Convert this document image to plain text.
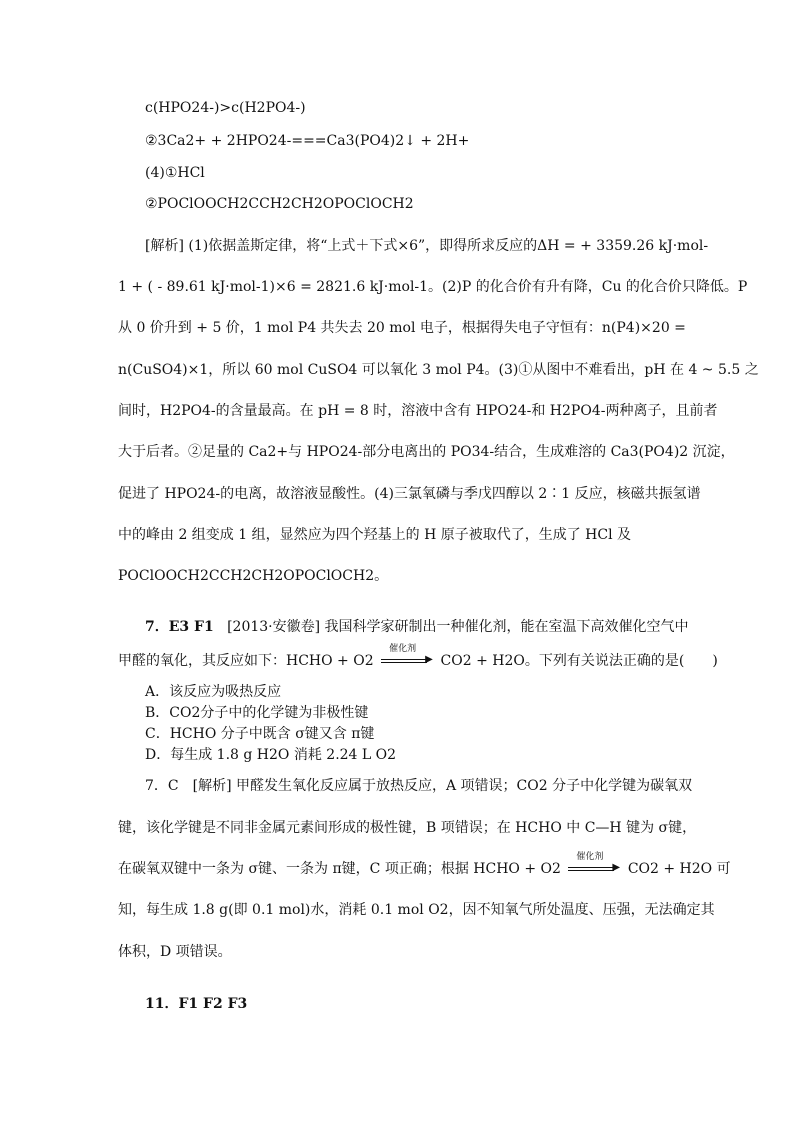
c(HPO24-)>c(H2PO4-)
②3Ca2+ + 2HPO24-===Ca3(PO4)2↓ + 2H+
(4)①HCl
②POClOOCH2CCH2CH2OPOClOCH2
[解析] (1)依据盖斯定律，将“上式＋下式×6”，即得所求反应的ΔH = + 3359.26 kJ·mol-
1 + ( - 89.61 kJ·mol-1)×6 = 2821.6 kJ·mol-1。(2)P 的化合价有升有降，Cu 的化合价只降低。P
从 0 价升到 + 5 价，1 mol P4 共失去 20 mol 电子，根据得失电子守恒有：n(P4)×20 =
n(CuSO4)×1，所以 60 mol CuSO4 可以氧化 3 mol P4。(3)①从图中不难看出，pH 在 4 ~ 5.5 之
间时，H2PO4-的含量最高。在 pH = 8 时，溶液中含有 HPO24-和 H2PO4-两种离子，且前者
大于后者。②足量的 Ca2+与 HPO24-部分电离出的 PO34-结合，生成难溶的 Ca3(PO4)2 沉淀，
促进了 HPO24-的电离，故溶液显酸性。(4)三氯氧磷与季戊四醇以 2∶1 反应，核磁共振氢谱
中的峰由 2 组变成 1 组，显然应为四个羟基上的 H 原子被取代了，生成了 HCl 及
POClOOCH2CCH2CH2OPOClOCH2。
7．E3 F1 [2013·安徽卷] 我国科学家研制出一种催化剂，能在室温下高效催化空气中
甲醛的氧化，其反应如下：HCHO + O2
催化剂
▶ CO2 + H2O。下列有关说法正确的是(　　)
A．该反应为吸热反应
B．CO2分子中的化学键为非极性键
C．HCHO 分子中既含 σ键又含 π键
D．每生成 1.8 g H2O 消耗 2.24 L O2
7．C　[解析] 甲醛发生氧化反应属于放热反应，A 项错误；CO2 分子中化学键为碳氧双
键，该化学键是不同非金属元素间形成的极性键，B 项错误；在 HCHO 中 C—H 键为 σ键，
在碳氧双键中一条为 σ键、一条为 π键，C 项正确；根据 HCHO + O2
催化剂
▶ CO2 + H2O 可
知，每生成 1.8 g(即 0.1 mol)水，消耗 0.1 mol O2，因不知氧气所处温度、压强，无法确定其
体积，D 项错误。
11．F1 F2 F3
